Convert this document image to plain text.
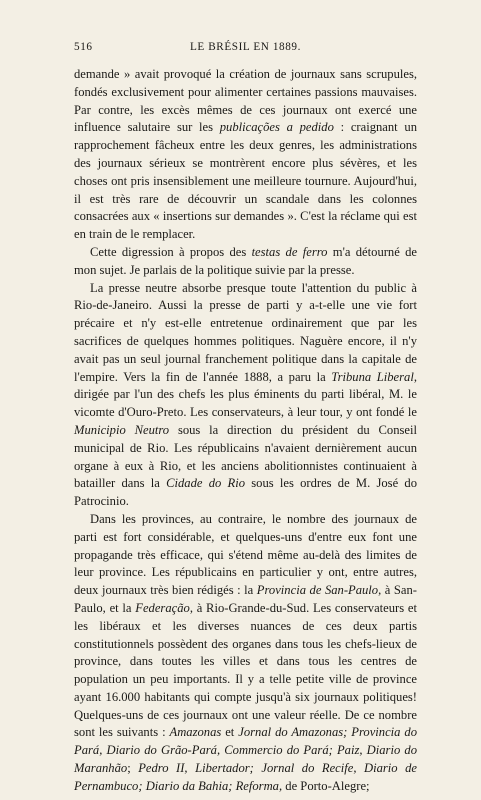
516	LE BRÉSIL EN 1889.

demande » avait provoqué la création de journaux sans scrupules, fondés exclusivement pour alimenter certaines passions mauvaises. Par contre, les excès mêmes de ces journaux ont exercé une influence salutaire sur les publicações a pedido : craignant un rapprochement fâcheux entre les deux genres, les administrations des journaux sérieux se montrèrent encore plus sévères, et les choses ont pris insensiblement une meilleure tournure. Aujourd'hui, il est très rare de découvrir un scandale dans les colonnes consacrées aux « insertions sur demandes ». C'est la réclame qui est en train de le remplacer.

Cette digression à propos des testas de ferro m'a détourné de mon sujet. Je parlais de la politique suivie par la presse.

La presse neutre absorbe presque toute l'attention du public à Rio-de-Janeiro. Aussi la presse de parti y a-t-elle une vie fort précaire et n'y est-elle entretenue ordinairement que par les sacrifices de quelques hommes politiques. Naguère encore, il n'y avait pas un seul journal franchement politique dans la capitale de l'empire. Vers la fin de l'année 1888, a paru la Tribuna Liberal, dirigée par l'un des chefs les plus éminents du parti libéral, M. le vicomte d'Ouro-Preto. Les conservateurs, à leur tour, y ont fondé le Municipio Neutro sous la direction du président du Conseil municipal de Rio. Les républicains n'avaient dernièrement aucun organe à eux à Rio, et les anciens abolitionnistes continuaient à batailler dans la Cidade do Rio sous les ordres de M. José do Patrocinio.

Dans les provinces, au contraire, le nombre des journaux de parti est fort considérable, et quelques-uns d'entre eux font une propagande très efficace, qui s'étend même au-delà des limites de leur province. Les républicains en particulier y ont, entre autres, deux journaux très bien rédigés : la Provincia de San-Paulo, à San-Paulo, et la Federação, à Rio-Grande-du-Sud. Les conservateurs et les libéraux et les diverses nuances de ces deux partis constitutionnels possèdent des organes dans tous les chefs-lieux de province, dans toutes les villes et dans tous les centres de population un peu importants. Il y a telle petite ville de province ayant 16.000 habitants qui compte jusqu'à six journaux politiques! Quelques-uns de ces journaux ont une valeur réelle. De ce nombre sont les suivants : Amazonas et Jornal do Amazonas; Provincia do Pará, Diario do Grão-Pará, Commercio do Pará; Paiz, Diario do Maranhão; Pedro II, Libertador; Jornal do Recife, Diario de Pernambuco; Diario da Bahia; Reforma, de Porto-Alegre;
